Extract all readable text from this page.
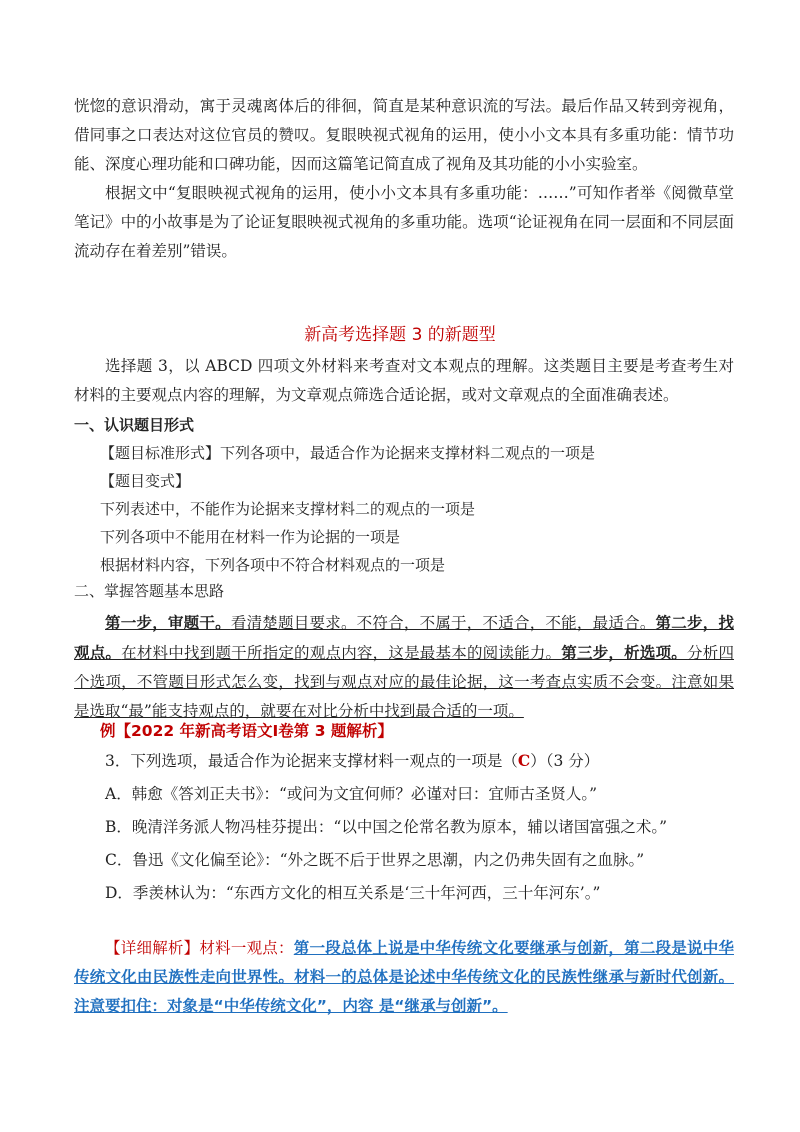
恍惚的意识滑动，寓于灵魂离体后的徘徊，简直是某种意识流的写法。最后作品又转到旁视角，借同事之口表达对这位官员的赞叹。复眼映视式视角的运用，使小小文本具有多重功能：情节功能、深度心理功能和口碑功能，因而这篇笔记简直成了视角及其功能的小小实验室。

根据文中“复眼映视式视角的运用，使小小文本具有多重功能：……”可知作者举《阅微草堂笔记》中的小故事是为了论证复眼映视式视角的多重功能。选项“论证视角在同一层面和不同层面流动存在着差别”错误。

新高考选择题 3 的新题型

选择题 3，以 ABCD 四项文外材料来考查对文本观点的理解。这类题目主要是考查考生对材料的主要观点内容的理解，为文章观点筛选合适论据，或对文章观点的全面准确表述。

一、认识题目形式
【题目标准形式】下列各项中，最适合作为论据来支撑材料二观点的一项是
【题目变式】
下列表述中，不能作为论据来支撑材料二的观点的一项是
下列各项中不能用在材料一作为论据的一项是
根据材料内容，下列各项中不符合材料观点的一项是
二、掌握答题基本思路

第一步，审题干。看清楚题目要求。不符合，不属于，不适合，不能，最适合。第二步，找观点。在材料中找到题干所指定的观点内容，这是最基本的阅读能力。第三步，析选项。分析四个选项，不管题目形式怎么变，找到与观点对应的最佳论据，这一考查点实质不会变。注意如果是选取“最”能支持观点的，就要在对比分析中找到最合适的一项。

例【2022 年新高考语文Ⅰ卷第 3 题解析】

3．下列选项，最适合作为论据来支撑材料一观点的一项是（C）（3 分）

A．韩愈《答刘正夫书》：“或问为文宜何师？必谨对曰：宜师古圣贤人。”

B．晚清洋务派人物冯桂芬提出：“以中国之伦常名教为原本，辅以诸国富强之术。”

C．鲁迅《文化偏至论》：“外之既不后于世界之思潮，内之仍弗失固有之血脉。”

D．季羡林认为：“东西方文化的相互关系是‘三十年河西，三十年河东’。”

【详细解析】材料一观点：第一段总体上说是中华传统文化要继承与创新，第二段是说中华传统文化由民族性走向世界性。材料一的总体是论述中华传统文化的民族性继承与新时代创新。注意要扣住：对象是“中华传统文化”，内容 是“继承与创新”。
